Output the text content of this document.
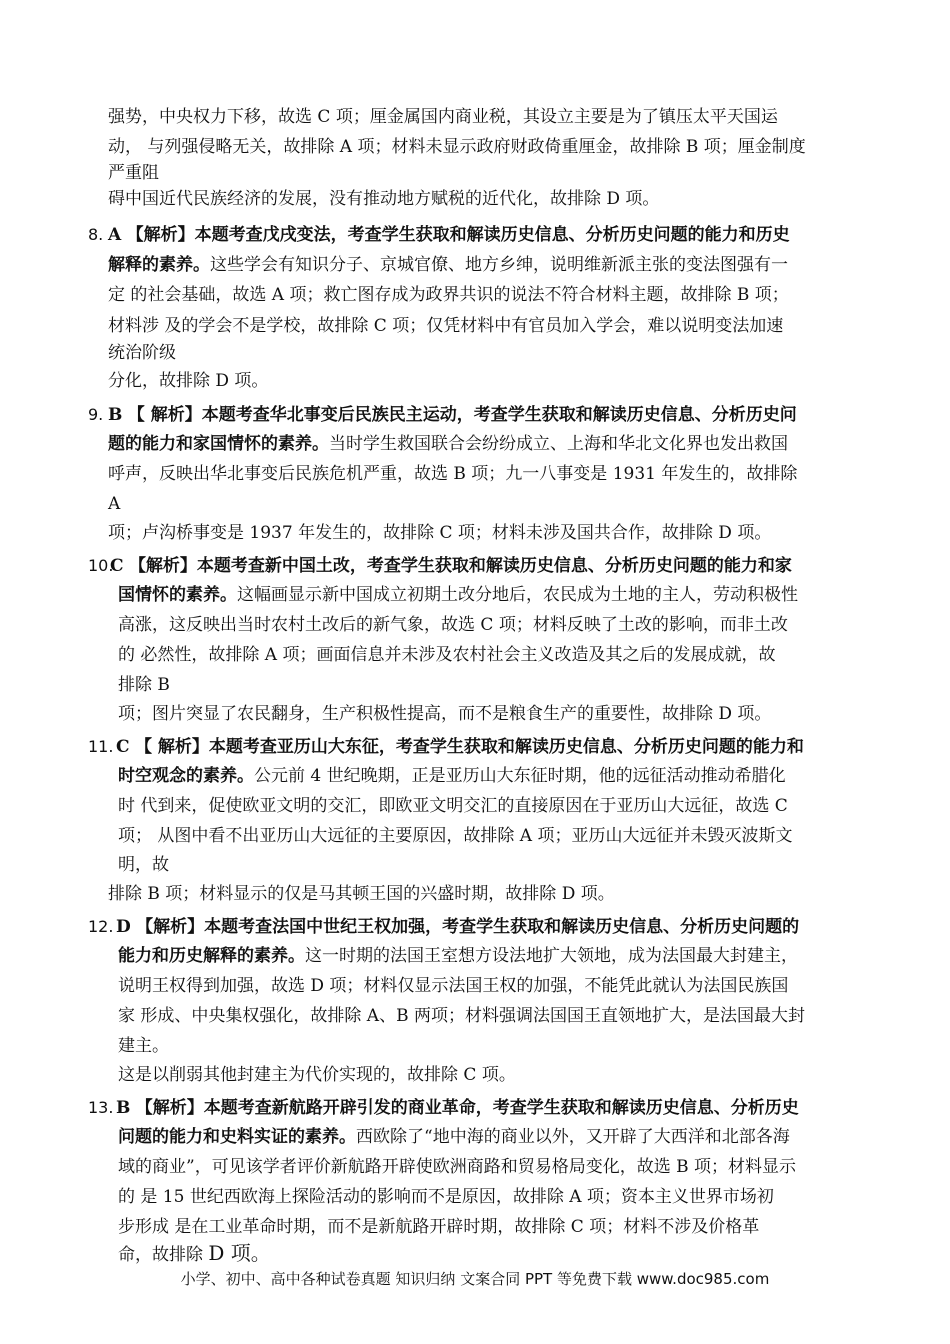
强势，中央权力下移，故选 C 项；厘金属国内商业税，其设立主要是为了镇压太平天国运
动， 与列强侵略无关，故排除 A 项；材料未显示政府财政倚重厘金，故排除 B 项；厘金制度
严重阻
碍中国近代民族经济的发展，没有推动地方赋税的近代化，故排除 D 项。
8. A 【解析】本题考查戊戌变法，考查学生获取和解读历史信息、分析历史问题的能力和历史
解释的素养。这些学会有知识分子、京城官僚、地方乡绅，说明维新派主张的变法图强有一
定 的社会基础，故选 A 项；救亡图存成为政界共识的说法不符合材料主题，故排除 B 项；
材料涉 及的学会不是学校，故排除 C 项；仅凭材料中有官员加入学会，难以说明变法加速
统治阶级
分化，故排除 D 项。
9. B 【 解析】本题考查华北事变后民族民主运动，考查学生获取和解读历史信息、分析历史问
题的能力和家国情怀的素养。当时学生救国联合会纷纷成立、上海和华北文化界也发出救国
呼声，反映出华北事变后民族危机严重，故选 B 项；九一八事变是 1931 年发生的，故排除
A
项；卢沟桥事变是 1937 年发生的，故排除 C 项；材料未涉及国共合作，故排除 D 项。
10.
C 【解析】本题考查新中国土改，考查学生获取和解读历史信息、分析历史问题的能力和家
国情怀的素养。这幅画显示新中国成立初期土改分地后，农民成为土地的主人，劳动积极性
高涨，这反映出当时农村土改后的新气象，故选 C 项；材料反映了土改的影响，而非土改
的 必然性，故排除 A 项；画面信息并未涉及农村社会主义改造及其之后的发展成就，故
排除 B
项；图片突显了农民翻身，生产积极性提高，而不是粮食生产的重要性，故排除 D 项。
11. C 【 解析】本题考查亚历山大东征，考查学生获取和解读历史信息、分析历史问题的能力和
时空观念的素养。公元前 4 世纪晚期，正是亚历山大东征时期，他的远征活动推动希腊化
时 代到来，促使欧亚文明的交汇，即欧亚文明交汇的直接原因在于亚历山大远征，故选 C
项； 从图中看不出亚历山大远征的主要原因，故排除 A 项；亚历山大远征并未毁灭波斯文
明，故
排除 B 项；材料显示的仅是马其顿王国的兴盛时期，故排除 D 项。
12. D 【解析】本题考查法国中世纪王权加强，考查学生获取和解读历史信息、分析历史问题的
能力和历史解释的素养。这一时期的法国王室想方设法地扩大领地，成为法国最大封建主，
说明王权得到加强，故选 D 项；材料仅显示法国王权的加强，不能凭此就认为法国民族国
家 形成、中央集权强化，故排除 A、B 两项；材料强调法国国王直领地扩大，是法国最大封
建主。
这是以削弱其他封建主为代价实现的，故排除 C 项。
13. B 【解析】本题考查新航路开辟引发的商业革命，考查学生获取和解读历史信息、分析历史
问题的能力和史料实证的素养。西欧除了“地中海的商业以外，又开辟了大西洋和北部各海
域的商业”，可见该学者评价新航路开辟使欧洲商路和贸易格局变化，故选 B 项；材料显示
的 是 15 世纪西欧海上探险活动的影响而不是原因，故排除 A 项；资本主义世界市场初
步形成 是在工业革命时期，而不是新航路开辟时期，故排除 C 项；材料不涉及价格革
命，故排除 D 项。
小学、初中、高中各种试卷真题 知识归纳 文案合同 PPT 等免费下载 www.doc985.com
